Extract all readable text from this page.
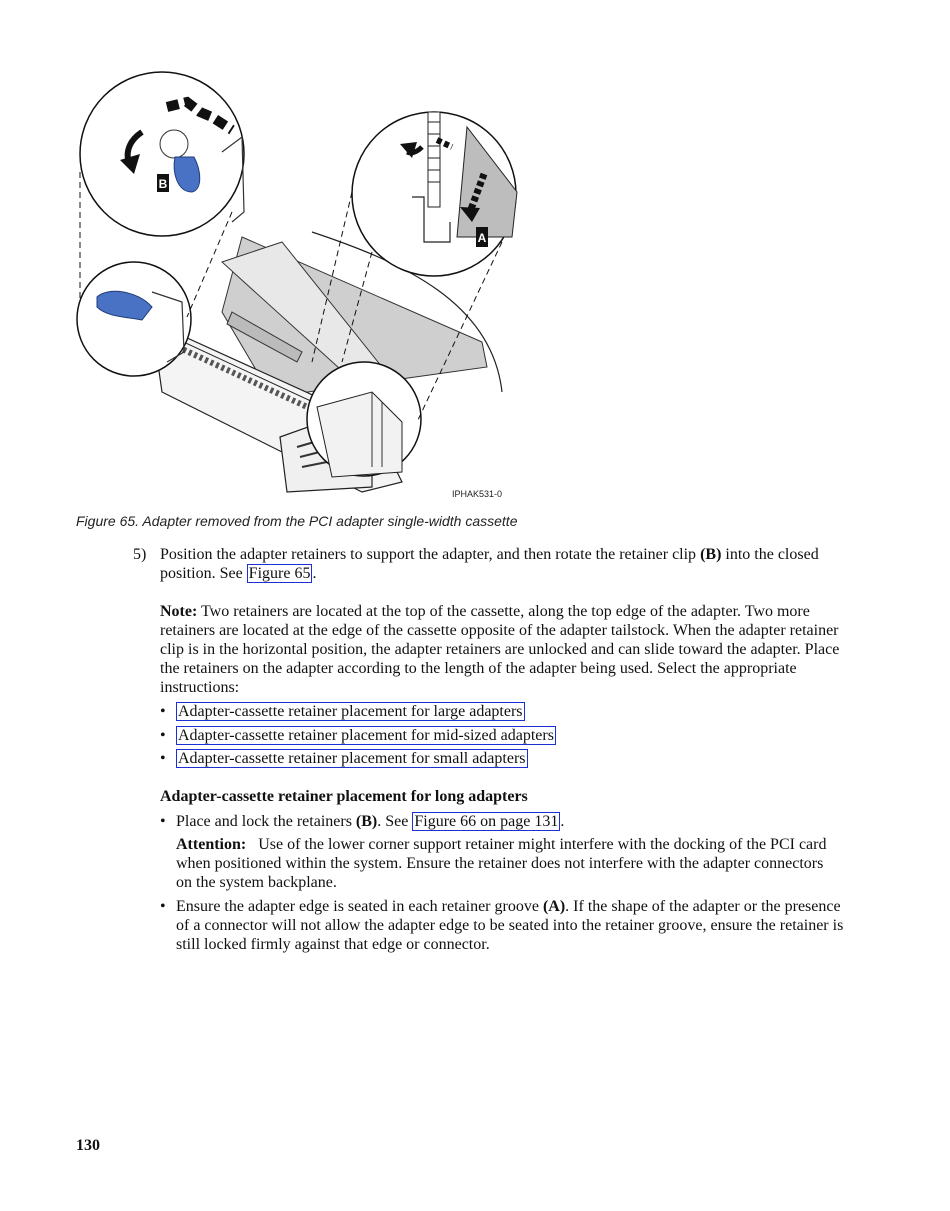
B
A
IPHAK531-0
Figure 65. Adapter removed from the PCI adapter single-width cassette
5) Position the adapter retainers to support the adapter, and then rotate the retainer clip (B) into the closed position. See Figure 65 .
Note: Two retainers are located at the top of the cassette, along the top edge of the adapter. Two more retainers are located at the edge of the cassette opposite of the adapter tailstock. When the adapter retainer clip is in the horizontal position, the adapter retainers are unlocked and can slide toward the adapter. Place the retainers on the adapter according to the length of the adapter being used. Select the appropriate instructions:
• Adapter-cassette retainer placement for large adapters
• Adapter-cassette retainer placement for mid-sized adapters
• Adapter-cassette retainer placement for small adapters
Adapter-cassette retainer placement for long adapters
• Place and lock the retainers (B). See Figure 66 on page 131 .
Attention:   Use of the lower corner support retainer might interfere with the docking of the PCI card when positioned within the system. Ensure the retainer does not interfere with the adapter connectors on the system backplane.
• Ensure the adapter edge is seated in each retainer groove (A). If the shape of the adapter or the presence of a connector will not allow the adapter edge to be seated into the retainer groove, ensure the retainer is still locked firmly against that edge or connector.
130
